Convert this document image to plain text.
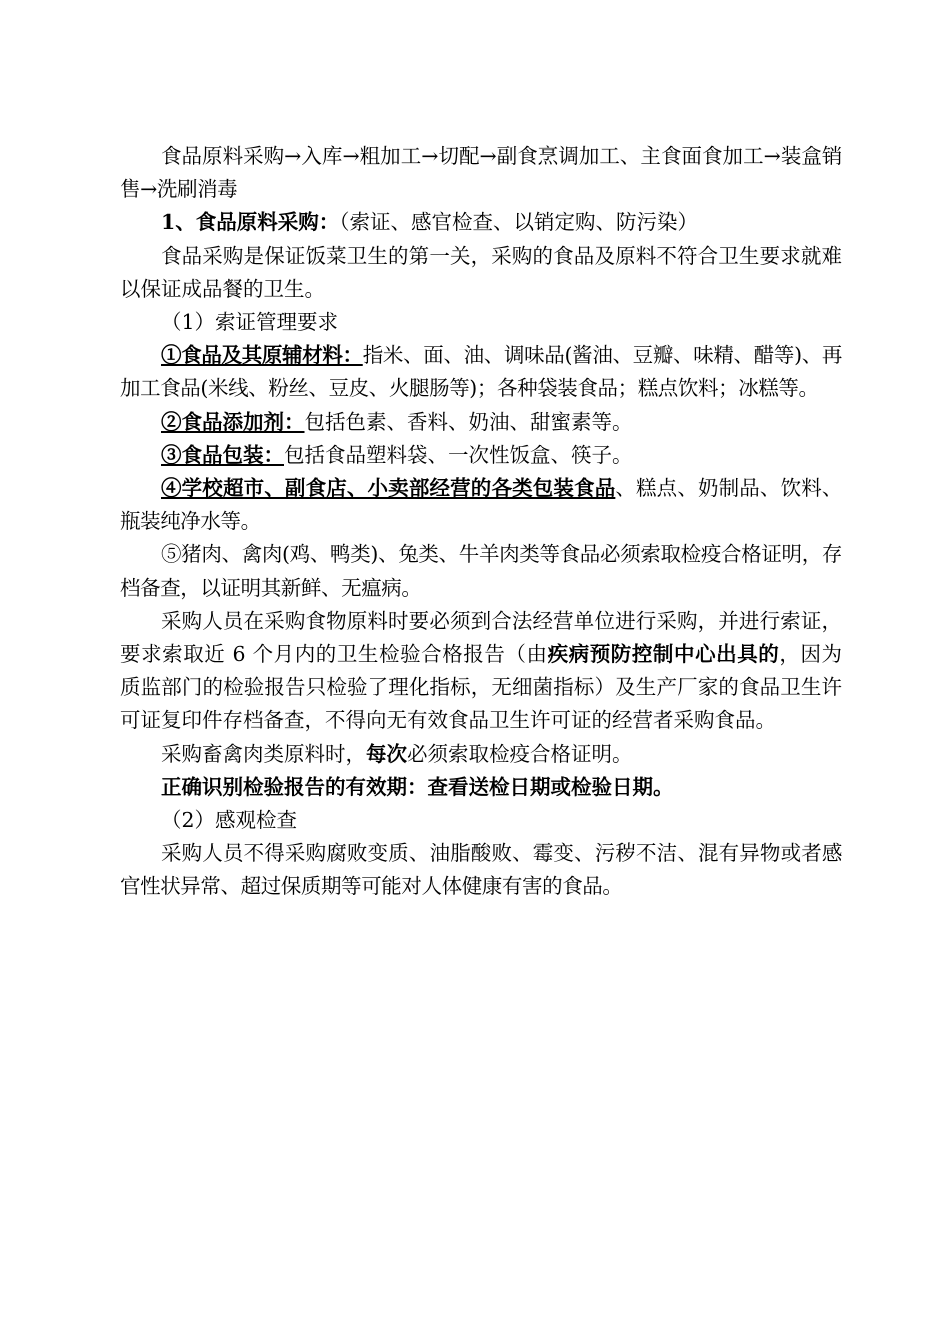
食品原料采购→入库→粗加工→切配→副食烹调加工、主食面食加工→装盒销售→洗刷消毒

1、食品原料采购：（索证、感官检查、以销定购、防污染）

食品采购是保证饭菜卫生的第一关，采购的食品及原料不符合卫生要求就难以保证成品餐的卫生。

（1）索证管理要求

①食品及其原辅材料：指米、面、油、调味品(酱油、豆瓣、味精、醋等)、再加工食品(米线、粉丝、豆皮、火腿肠等)；各种袋装食品；糕点饮料；冰糕等。

②食品添加剂：包括色素、香料、奶油、甜蜜素等。

③食品包装：包括食品塑料袋、一次性饭盒、筷子。

④学校超市、副食店、小卖部经营的各类包装食品、糕点、奶制品、饮料、瓶装纯净水等。

⑤猪肉、禽肉(鸡、鸭类)、兔类、牛羊肉类等食品必须索取检疫合格证明，存档备查，以证明其新鲜、无瘟病。

采购人员在采购食物原料时要必须到合法经营单位进行采购，并进行索证，要求索取近 6 个月内的卫生检验合格报告（由疾病预防控制中心出具的，因为质监部门的检验报告只检验了理化指标，无细菌指标）及生产厂家的食品卫生许可证复印件存档备查，不得向无有效食品卫生许可证的经营者采购食品。

采购畜禽肉类原料时，每次必须索取检疫合格证明。

正确识别检验报告的有效期：查看送检日期或检验日期。

（2）感观检查

采购人员不得采购腐败变质、油脂酸败、霉变、污秽不洁、混有异物或者感官性状异常、超过保质期等可能对人体健康有害的食品。
